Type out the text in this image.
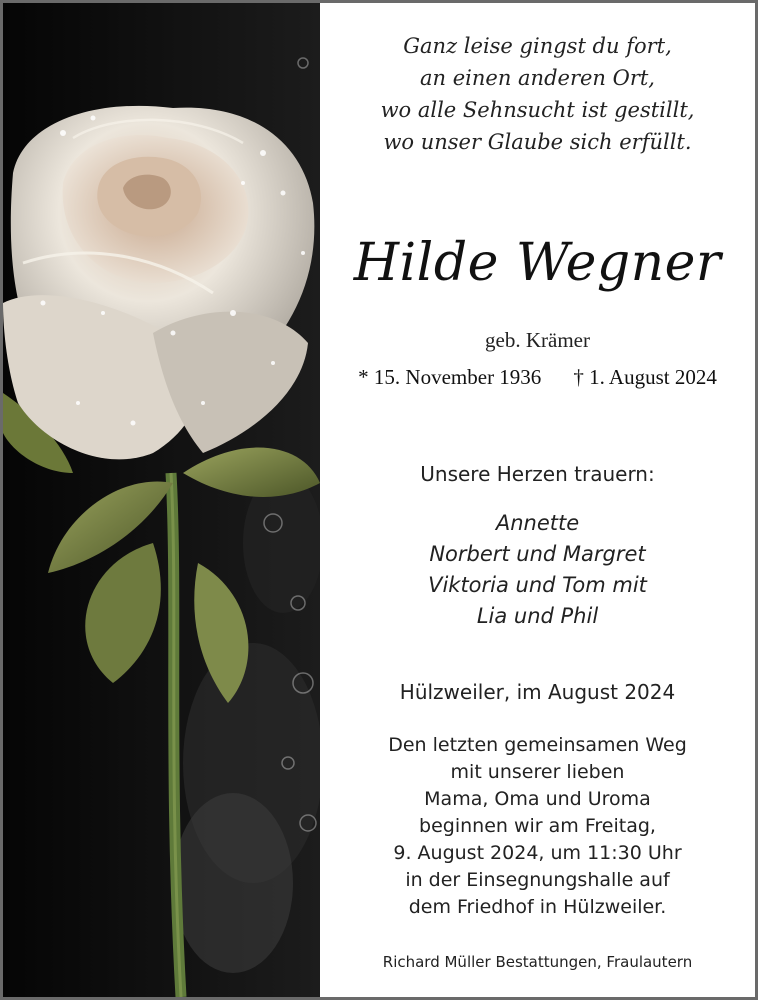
Ganz leise gingst du fort,
an einen anderen Ort,
wo alle Sehnsucht ist gestillt,
wo unser Glaube sich erfüllt.
Hilde Wegner
geb. Krämer
* 15. November 1936 † 1. August 2024
Unsere Herzen trauern:
Annette
Norbert und Margret
Viktoria und Tom mit
Lia und Phil
Hülzweiler, im August 2024
Den letzten gemeinsamen Weg
mit unserer lieben
Mama, Oma und Uroma
beginnen wir am Freitag,
9. August 2024, um 11:30 Uhr
in der Einsegnungshalle auf
dem Friedhof in Hülzweiler.
Richard Müller Bestattungen, Fraulautern
